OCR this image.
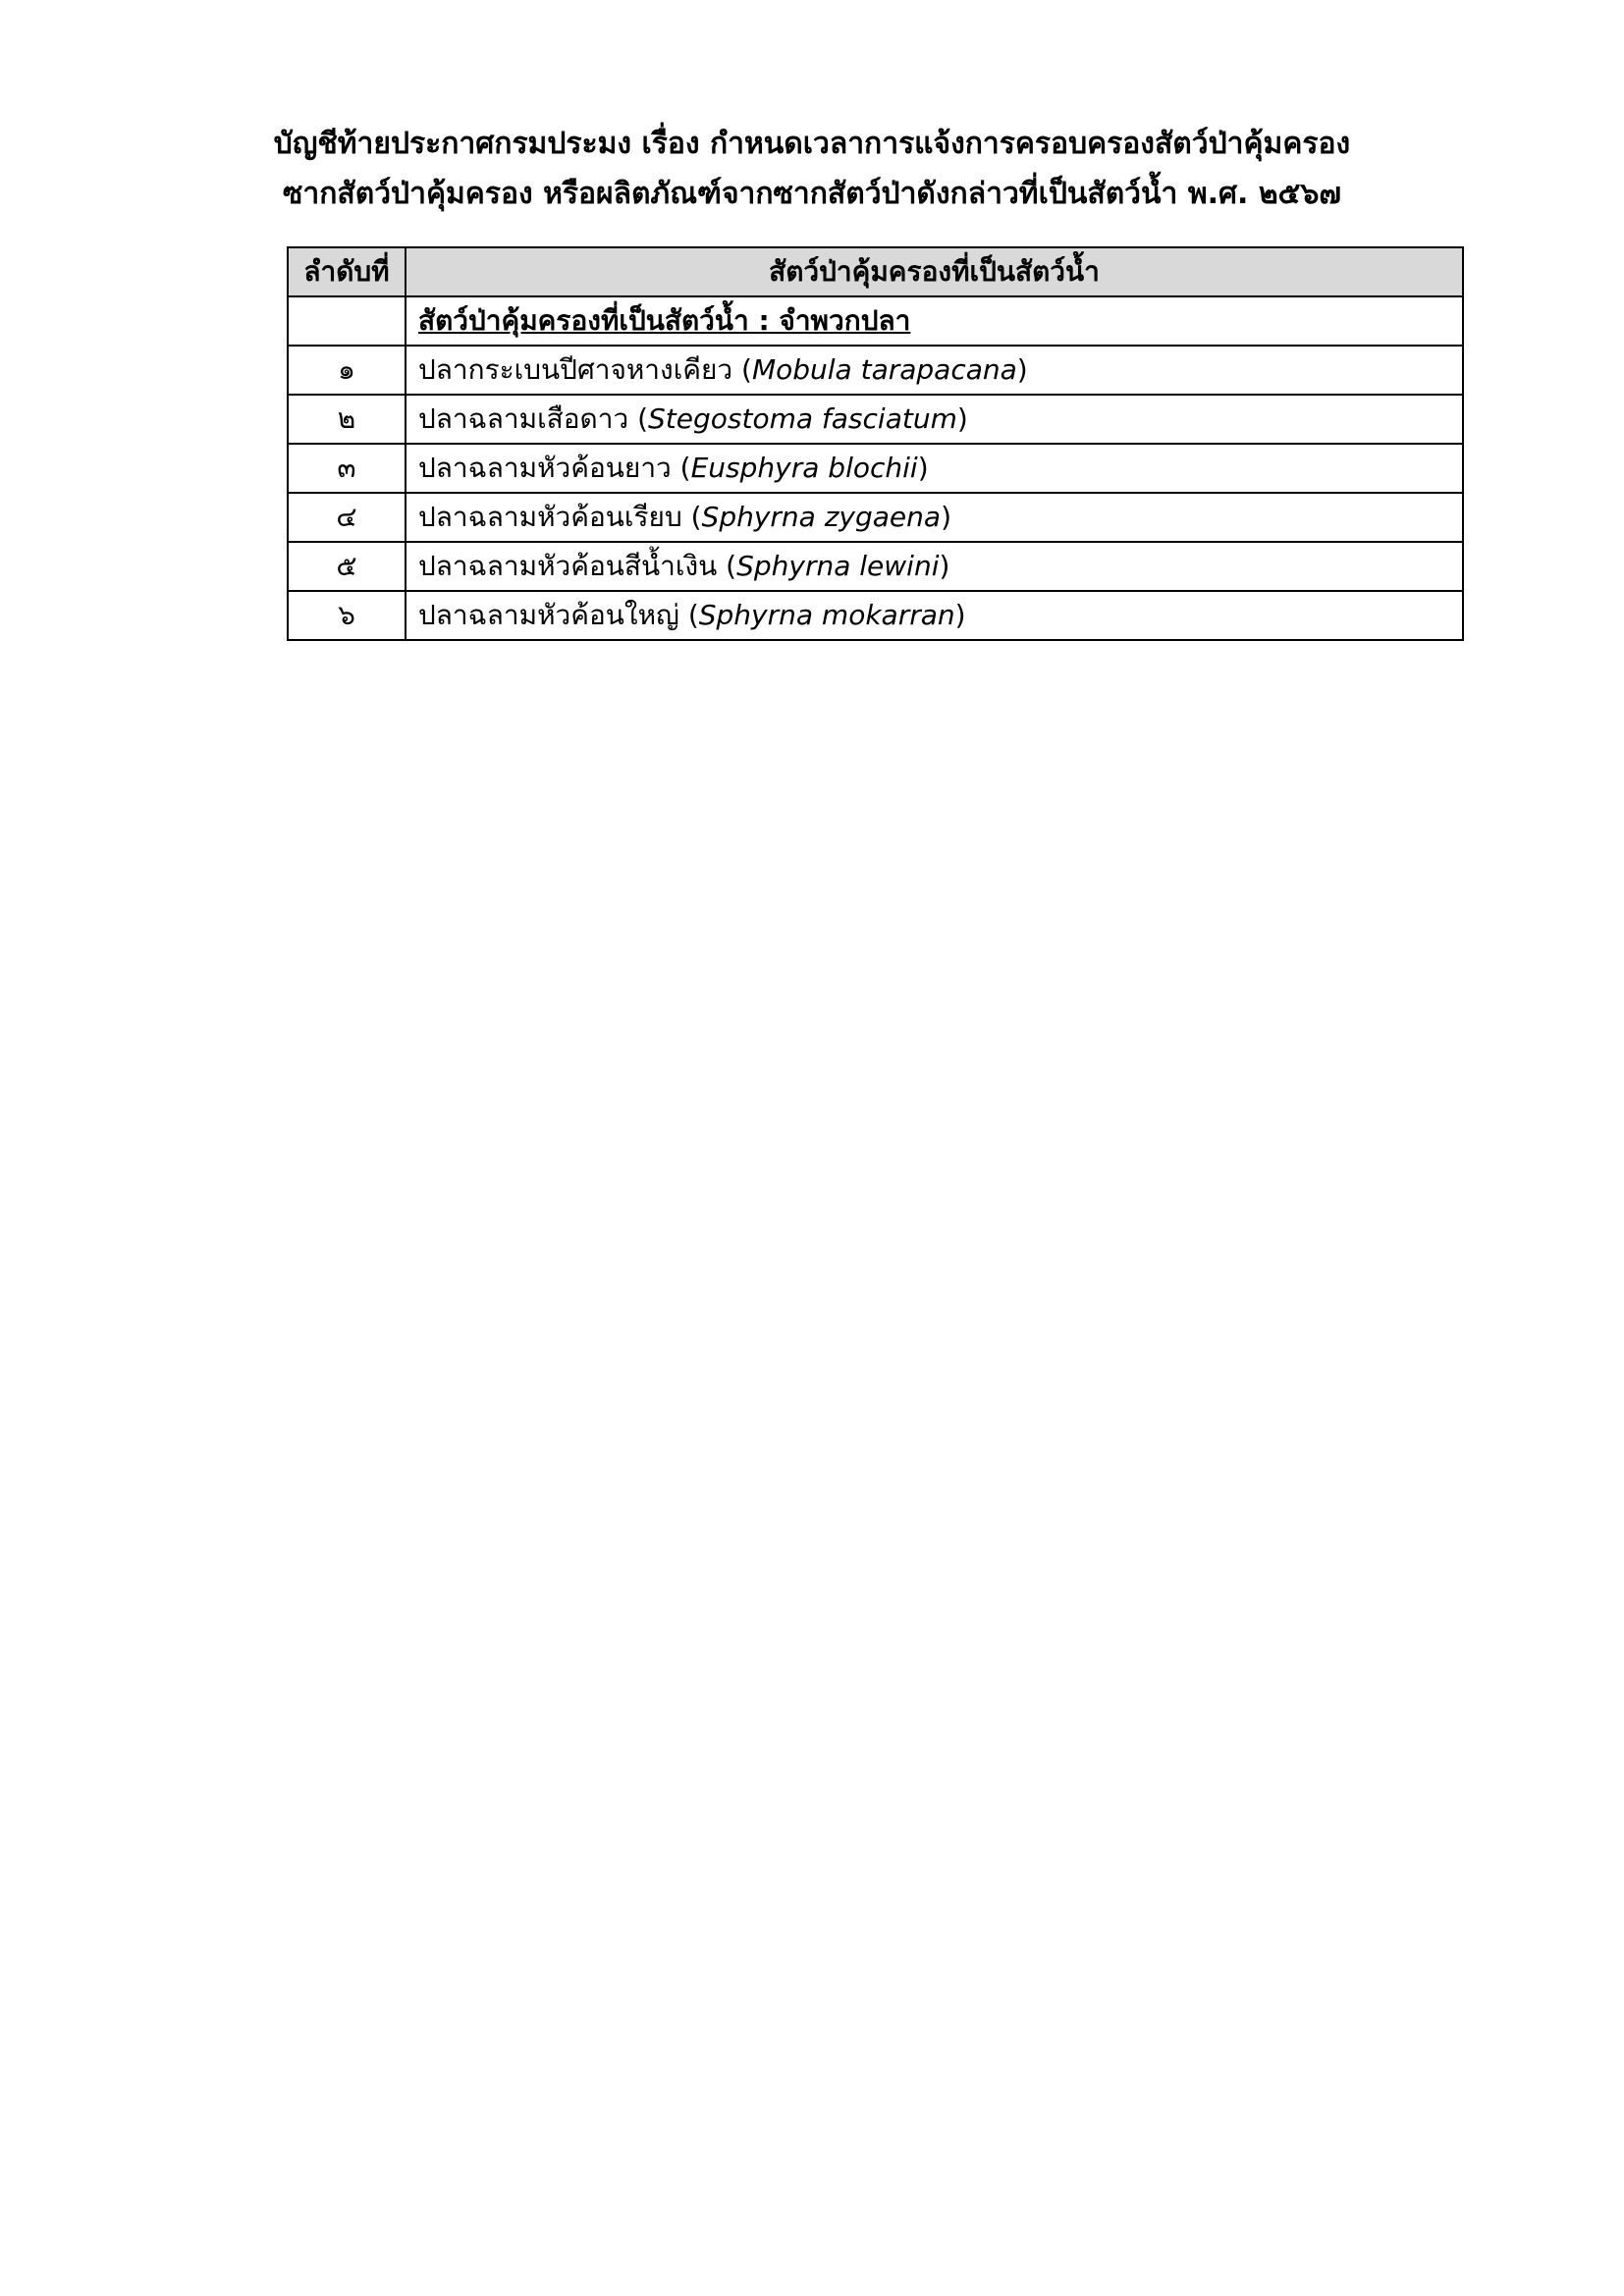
บัญชีท้ายประกาศกรมประมง เรื่อง กำหนดเวลาการแจ้งการครอบครองสัตว์ป่าคุ้มครอง
ซากสัตว์ป่าคุ้มครอง หรือผลิตภัณฑ์จากซากสัตว์ป่าดังกล่าวที่เป็นสัตว์น้ำ พ.ศ. ๒๕๖๗
ลำดับที่	สัตว์ป่าคุ้มครองที่เป็นสัตว์น้ำ
	สัตว์ป่าคุ้มครองที่เป็นสัตว์น้ำ : จำพวกปลา
๑	ปลากระเบนปีศาจหางเคียว (Mobula tarapacana)
๒	ปลาฉลามเสือดาว (Stegostoma fasciatum)
๓	ปลาฉลามหัวค้อนยาว (Eusphyra blochii)
๔	ปลาฉลามหัวค้อนเรียบ (Sphyrna zygaena)
๕	ปลาฉลามหัวค้อนสีน้ำเงิน (Sphyrna lewini)
๖	ปลาฉลามหัวค้อนใหญ่ (Sphyrna mokarran)
